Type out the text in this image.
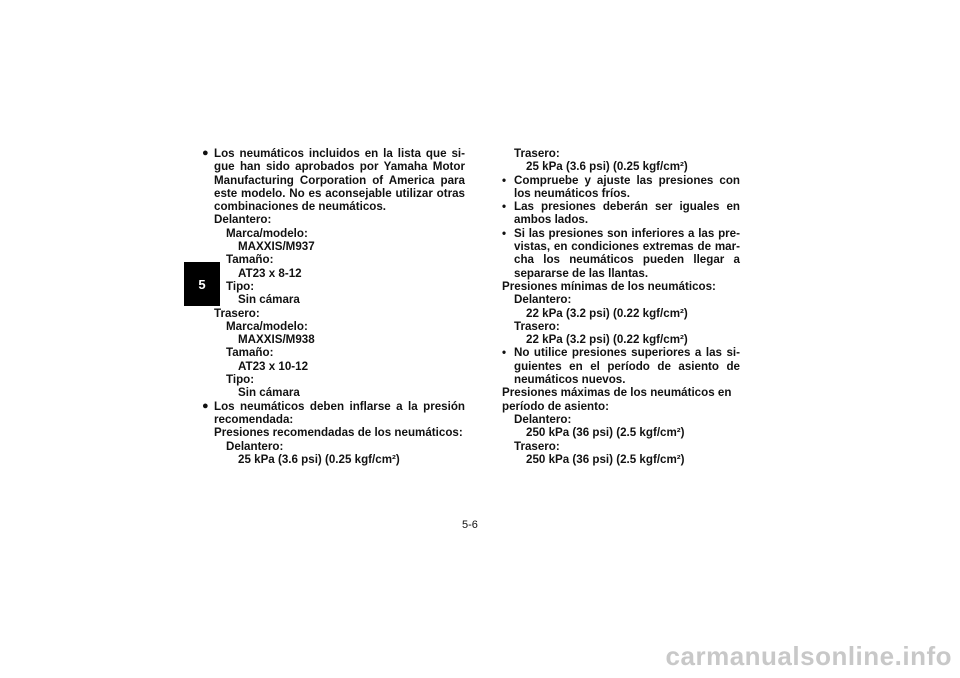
5
● Los neumáticos incluidos en la lista que sigue han sido aprobados por Yamaha Motor Manufacturing Corporation of America para este modelo. No es aconsejable utilizar otras combinaciones de neumáticos.
Delantero:
Marca/modelo:
MAXXIS/M937
Tamaño:
AT23 x 8-12
Tipo:
Sin cámara
Trasero:
Marca/modelo:
MAXXIS/M938
Tamaño:
AT23 x 10-12
Tipo:
Sin cámara
● Los neumáticos deben inflarse a la presión recomendada:
Presiones recomendadas de los neumáticos:
Delantero:
25 kPa (3.6 psi) (0.25 kgf/cm²)
Trasero:
25 kPa (3.6 psi) (0.25 kgf/cm²)
• Compruebe y ajuste las presiones con los neumáticos fríos.
• Las presiones deberán ser iguales en ambos lados.
• Si las presiones son inferiores a las previstas, en condiciones extremas de marcha los neumáticos pueden llegar a separarse de las llantas.
Presiones mínimas de los neumáticos:
Delantero:
22 kPa (3.2 psi) (0.22 kgf/cm²)
Trasero:
22 kPa (3.2 psi) (0.22 kgf/cm²)
• No utilice presiones superiores a las siguientes en el período de asiento de neumáticos nuevos.
Presiones máximas de los neumáticos en
período de asiento:
Delantero:
250 kPa (36 psi) (2.5 kgf/cm²)
Trasero:
250 kPa (36 psi) (2.5 kgf/cm²)
5-6
carmanualsonline.info
